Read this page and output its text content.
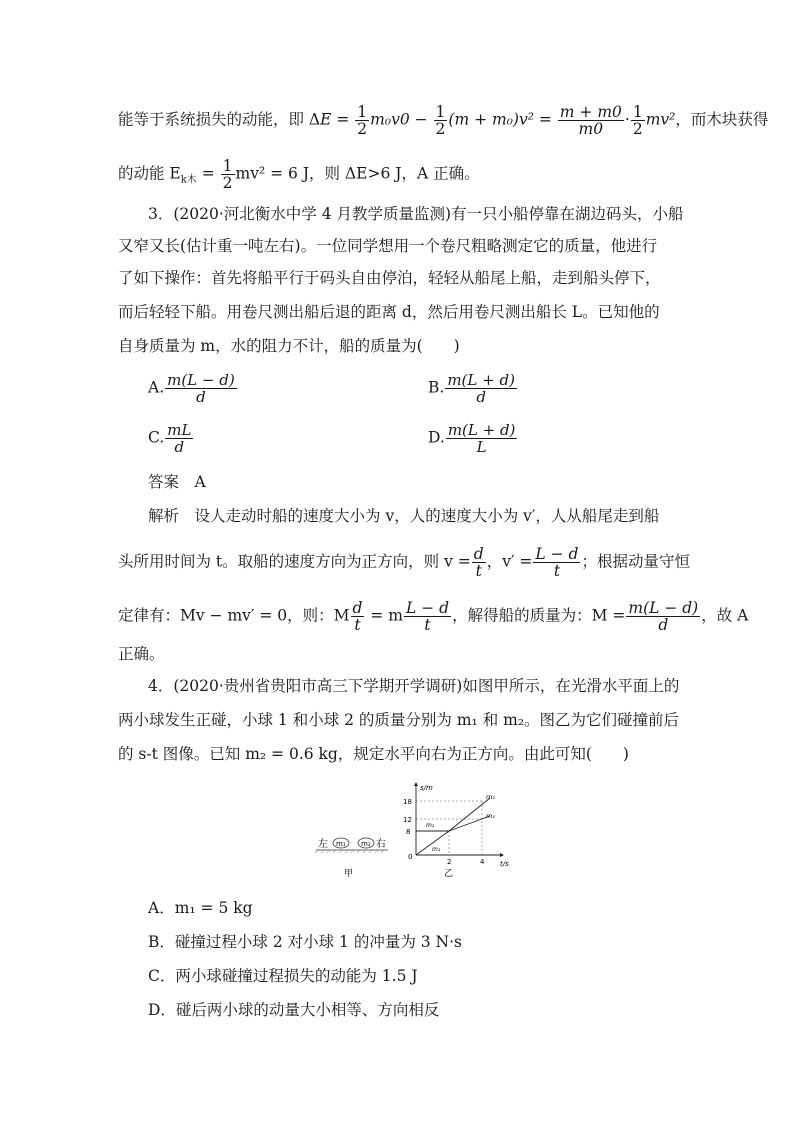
能等于系统损失的动能，即 $\Delta E = \frac{1}{2} m_0v0 - \frac{1}{2} (m + m_0)v^2 = \frac{m + m0}{m0} \cdot \frac{1}{2} mv^2$，而木块获得
的动能 $E_{k木} = \frac{1}{2} mv^2 = 6$ J，则 ΔE>6 J，A 正确。
3．(2020·河北衡水中学 4 月教学质量监测)有一只小船停靠在湖边码头，小船
又窄又长(估计重一吨左右)。一位同学想用一个卷尺粗略测定它的质量，他进行
了如下操作：首先将船平行于码头自由停泊，轻轻从船尾上船，走到船头停下，
而后轻轻下船。用卷尺测出船后退的距离 d，然后用卷尺测出船长 L。已知他的
自身质量为 m，水的阻力不计，船的质量为(　　)
A. $\frac{m(L - d)}{d}$	B. $\frac{m(L + d)}{d}$
C. $\frac{mL}{d}$	D. $\frac{m(L + d)}{L}$
答案　 A
解析　 设人走动时船的速度大小为 v，人的速度大小为 v′，人从船尾走到船
头所用时间为 t。取船的速度方向为正方向，则 $v = \frac{d}{t}$ ，$v' = \frac{L - d}{t}$ ；根据动量守恒
定律有：Mv − mv′ = 0，则：M $\frac{d}{t} = m \frac{L - d}{t}$ ，解得船的质量为：$M = \frac{m(L - d)}{d}$ ，故 A
正确。
4．(2020·贵州省贵阳市高三下学期开学调研)如图甲所示，在光滑水平面上的
两小球发生正碰，小球 1 和小球 2 的质量分别为 m₁ 和 m₂。图乙为它们碰撞前后
的 s-t 图像。已知 m₂ = 0.6 kg，规定水平向右为正方向。由此可知(　　)
左 m₁ m₂ 右
甲
s/m
t/s
18
12
8
0
2	4
m₂
m₁
m₂
m₁
乙
A．m₁ = 5 kg
B．碰撞过程小球 2 对小球 1 的冲量为 3 N·s
C．两小球碰撞过程损失的动能为 1.5 J
D．碰后两小球的动量大小相等、方向相反
